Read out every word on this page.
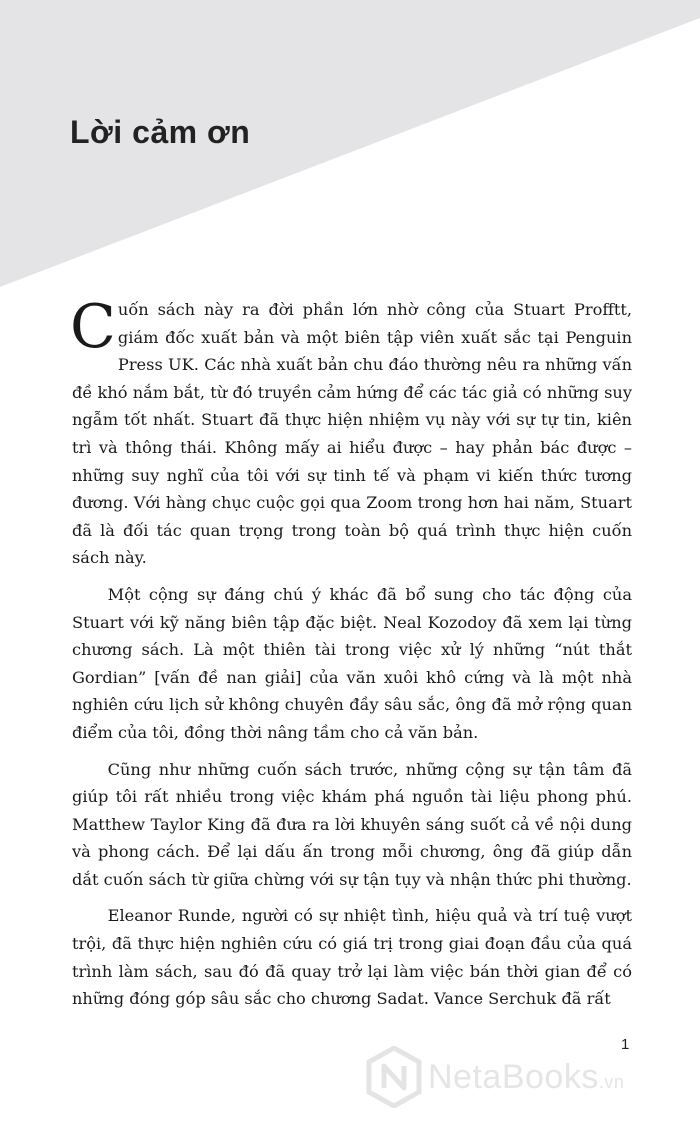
Lời cảm ơn

Cuốn sách này ra đời phần lớn nhờ công của Stuart Profftt, giám đốc xuất bản và một biên tập viên xuất sắc tại Penguin Press UK. Các nhà xuất bản chu đáo thường nêu ra những vấn đề khó nắm bắt, từ đó truyền cảm hứng để các tác giả có những suy ngẫm tốt nhất. Stuart đã thực hiện nhiệm vụ này với sự tự tin, kiên trì và thông thái. Không mấy ai hiểu được – hay phản bác được – những suy nghĩ của tôi với sự tinh tế và phạm vi kiến thức tương đương. Với hàng chục cuộc gọi qua Zoom trong hơn hai năm, Stuart đã là đối tác quan trọng trong toàn bộ quá trình thực hiện cuốn sách này.

Một cộng sự đáng chú ý khác đã bổ sung cho tác động của Stuart với kỹ năng biên tập đặc biệt. Neal Kozodoy đã xem lại từng chương sách. Là một thiên tài trong việc xử lý những “nút thắt Gordian” [vấn đề nan giải] của văn xuôi khô cứng và là một nhà nghiên cứu lịch sử không chuyên đầy sâu sắc, ông đã mở rộng quan điểm của tôi, đồng thời nâng tầm cho cả văn bản.

Cũng như những cuốn sách trước, những cộng sự tận tâm đã giúp tôi rất nhiều trong việc khám phá nguồn tài liệu phong phú. Matthew Taylor King đã đưa ra lời khuyên sáng suốt cả về nội dung và phong cách. Để lại dấu ấn trong mỗi chương, ông đã giúp dẫn dắt cuốn sách từ giữa chừng với sự tận tụy và nhận thức phi thường.

Eleanor Runde, người có sự nhiệt tình, hiệu quả và trí tuệ vượt trội, đã thực hiện nghiên cứu có giá trị trong giai đoạn đầu của quá trình làm sách, sau đó đã quay trở lại làm việc bán thời gian để có những đóng góp sâu sắc cho chương Sadat. Vance Serchuk đã rất

1
NetaBooks.vn
